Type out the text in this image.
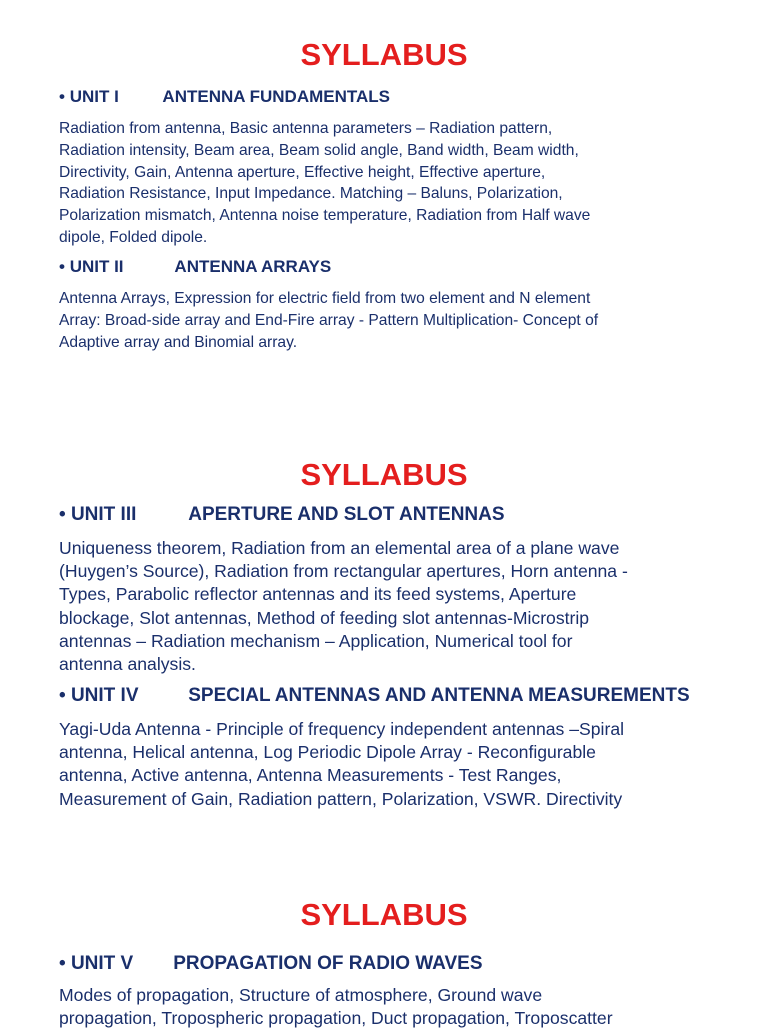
SYLLABUS
• UNIT I	ANTENNA FUNDAMENTALS
Radiation from antenna, Basic antenna parameters – Radiation pattern,
Radiation intensity, Beam area, Beam solid angle, Band width, Beam width,
Directivity, Gain, Antenna aperture, Effective height, Effective aperture,
Radiation Resistance, Input Impedance. Matching – Baluns, Polarization,
Polarization mismatch, Antenna noise temperature, Radiation from Half wave
dipole, Folded dipole.
• UNIT II	ANTENNA ARRAYS
Antenna Arrays, Expression for electric field from two element and N element
Array: Broad-side array and End-Fire array - Pattern Multiplication- Concept of
Adaptive array and Binomial array.
SYLLABUS
• UNIT III	APERTURE AND SLOT ANTENNAS
Uniqueness theorem, Radiation from an elemental area of a plane wave
(Huygen’s Source), Radiation from rectangular apertures, Horn antenna -
Types, Parabolic reflector antennas and its feed systems, Aperture
blockage, Slot antennas, Method of feeding slot antennas-Microstrip
antennas – Radiation mechanism – Application, Numerical tool for
antenna analysis.
• UNIT IV	SPECIAL ANTENNAS AND ANTENNA MEASUREMENTS
Yagi-Uda Antenna - Principle of frequency independent antennas –Spiral
antenna, Helical antenna, Log Periodic Dipole Array - Reconfigurable
antenna, Active antenna, Antenna Measurements - Test Ranges,
Measurement of Gain, Radiation pattern, Polarization, VSWR. Directivity
SYLLABUS
• UNIT V PROPAGATION OF RADIO WAVES
Modes of propagation, Structure of atmosphere, Ground wave
propagation, Tropospheric propagation, Duct propagation, Troposcatter
